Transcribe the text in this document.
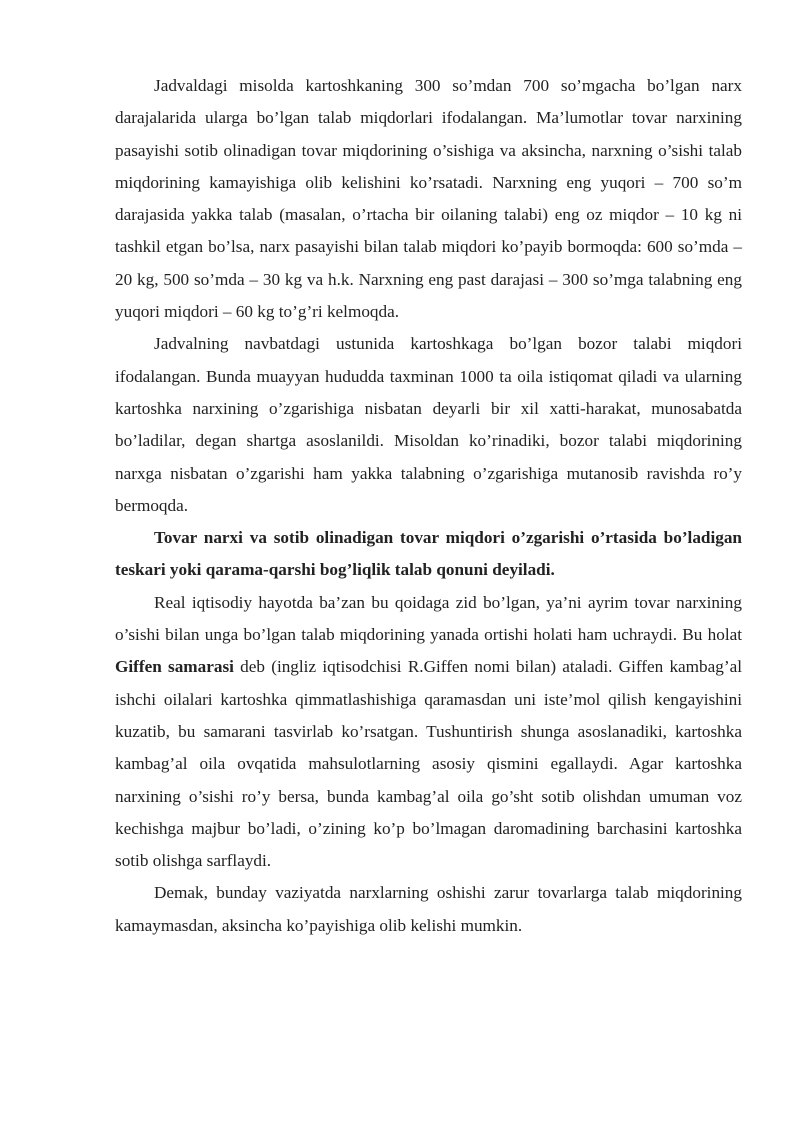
Jadvaldagi misolda kartoshkaning 300 so’mdan 700 so’mgacha bo’lgan narx darajalarida ularga bo’lgan talab miqdorlari ifodalangan. Ma’lumotlar tovar narxining pasayishi sotib olinadigan tovar miqdorining o’sishiga va aksincha, narxning o’sishi talab miqdorining kamayishiga olib kelishini ko’rsatadi. Narxning eng yuqori – 700 so’m darajasida yakka talab (masalan, o’rtacha bir oilaning talabi) eng oz miqdor – 10 kg ni tashkil etgan bo’lsa, narx pasayishi bilan talab miqdori ko’payib bormoqda: 600 so’mda – 20 kg, 500 so’mda – 30 kg va h.k. Narxning eng past darajasi – 300 so’mga talabning eng yuqori miqdori – 60 kg to’g’ri kelmoqda.

Jadvalning navbatdagi ustunida kartoshkaga bo’lgan bozor talabi miqdori ifodalangan. Bunda muayyan hududda taxminan 1000 ta oila istiqomat qiladi va ularning kartoshka narxining o’zgarishiga nisbatan deyarli bir xil xatti-harakat, munosabatda bo’ladilar, degan shartga asoslanildi. Misoldan ko’rinadiki, bozor talabi miqdorining narxga nisbatan o’zgarishi ham yakka talabning o’zgarishiga mutanosib ravishda ro’y bermoqda.

Tovar narxi va sotib olinadigan tovar miqdori o’zgarishi o’rtasida bo’ladigan teskari yoki qarama-qarshi bog’liqlik talab qonuni deyiladi.

Real iqtisodiy hayotda ba’zan bu qoidaga zid bo’lgan, ya’ni ayrim tovar narxining o’sishi bilan unga bo’lgan talab miqdorining yanada ortishi holati ham uchraydi. Bu holat Giffen samarasi deb (ingliz iqtisodchisi R.Giffen nomi bilan) ataladi. Giffen kambag’al ishchi oilalari kartoshka qimmatlashishiga qaramasdan uni iste’mol qilish kengayishini kuzatib, bu samarani tasvirlab ko’rsatgan. Tushuntirish shunga asoslanadiki, kartoshka kambag’al oila ovqatida mahsulotlarning asosiy qismini egallaydi. Agar kartoshka narxining o’sishi ro’y bersa, bunda kambag’al oila go’sht sotib olishdan umuman voz kechishga majbur bo’ladi, o’zining ko’p bo’lmagan daromadining barchasini kartoshka sotib olishga sarflaydi.

Demak, bunday vaziyatda narxlarning oshishi zarur tovarlarga talab miqdorining kamaymasdan, aksincha ko’payishiga olib kelishi mumkin.
